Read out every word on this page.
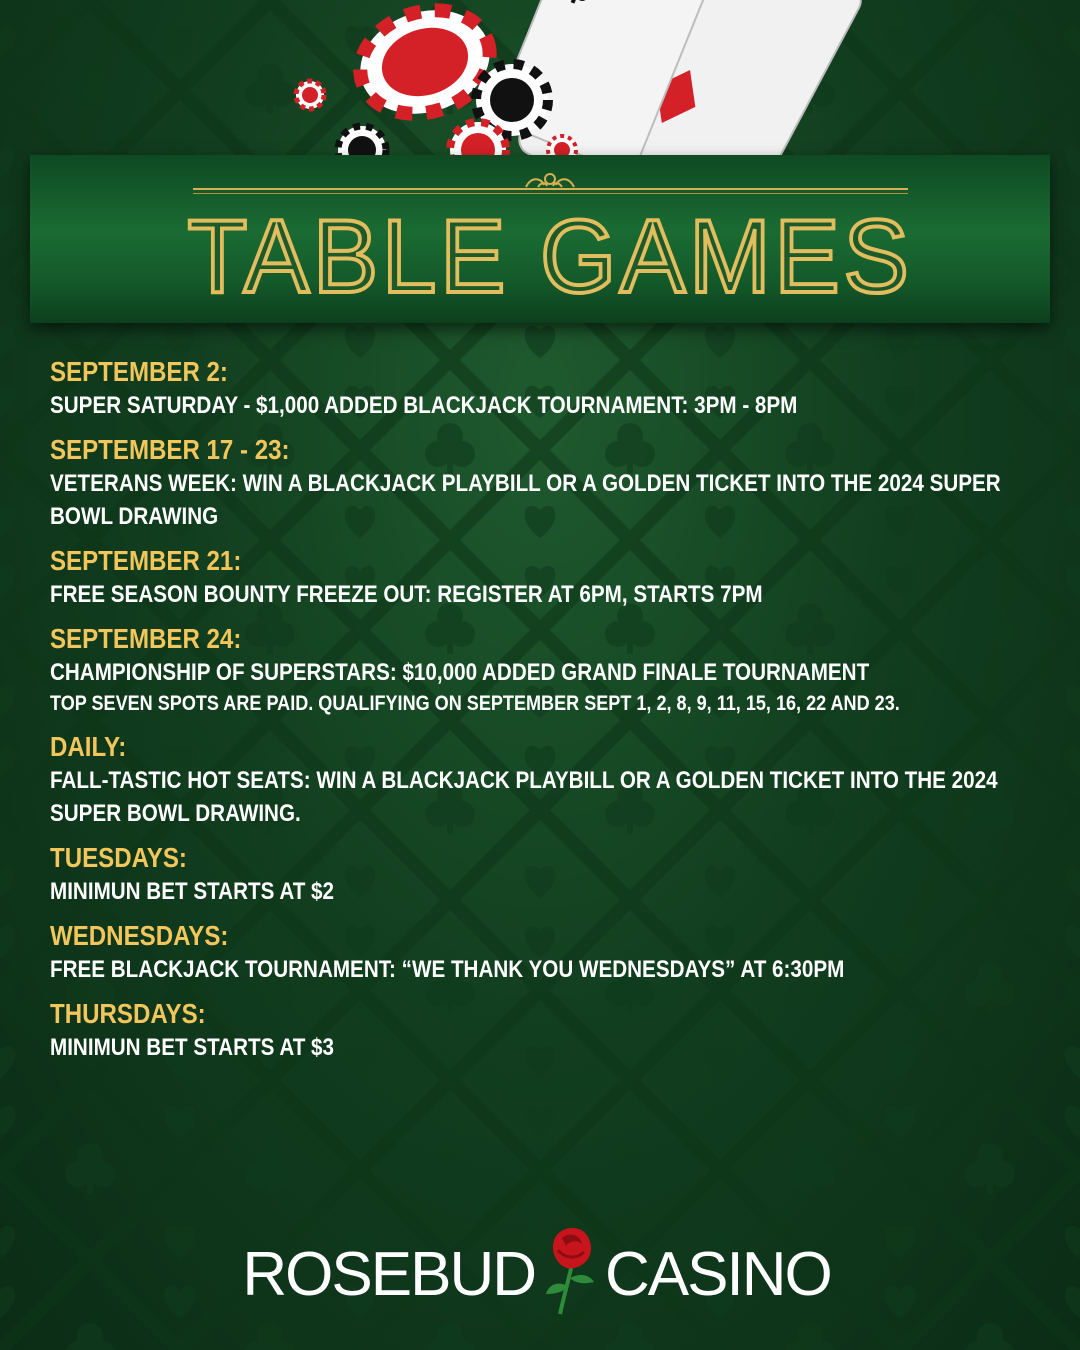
TABLE GAMES
SEPTEMBER 2:
SUPER SATURDAY - $1,000 ADDED BLACKJACK TOURNAMENT: 3PM - 8PM
SEPTEMBER 17 - 23:
VETERANS WEEK: WIN A BLACKJACK PLAYBILL OR A GOLDEN TICKET INTO THE 2024 SUPER BOWL DRAWING
SEPTEMBER 21:
FREE SEASON BOUNTY FREEZE OUT: REGISTER AT 6PM, STARTS 7PM
SEPTEMBER 24:
CHAMPIONSHIP OF SUPERSTARS: $10,000 ADDED GRAND FINALE TOURNAMENT
TOP SEVEN SPOTS ARE PAID. QUALIFYING ON SEPTEMBER SEPT 1, 2, 8, 9, 11, 15, 16, 22 AND 23.
DAILY:
FALL-TASTIC HOT SEATS: WIN A BLACKJACK PLAYBILL OR A GOLDEN TICKET INTO THE 2024 SUPER BOWL DRAWING.
TUESDAYS:
MINIMUN BET STARTS AT $2
WEDNESDAYS:
FREE BLACKJACK TOURNAMENT: “WE THANK YOU WEDNESDAYS” AT 6:30PM
THURSDAYS:
MINIMUN BET STARTS AT $3
ROSEBUD CASINO
